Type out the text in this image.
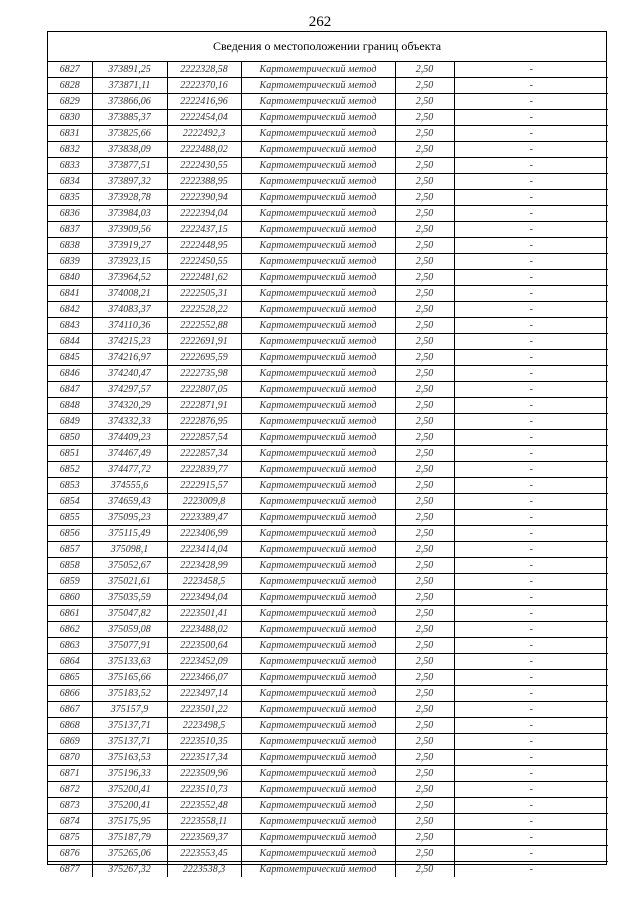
262
Сведения о местоположении границ объекта
6827	373891,25	2222328,58	Картометрический метод	2,50	-
6828	373871,11	2222370,16	Картометрический метод	2,50	-
6829	373866,06	2222416,96	Картометрический метод	2,50	-
6830	373885,37	2222454,04	Картометрический метод	2,50	-
6831	373825,66	2222492,3	Картометрический метод	2,50	-
6832	373838,09	2222488,02	Картометрический метод	2,50	-
6833	373877,51	2222430,55	Картометрический метод	2,50	-
6834	373897,32	2222388,95	Картометрический метод	2,50	-
6835	373928,78	2222390,94	Картометрический метод	2,50	-
6836	373984,03	2222394,04	Картометрический метод	2,50	-
6837	373909,56	2222437,15	Картометрический метод	2,50	-
6838	373919,27	2222448,95	Картометрический метод	2,50	-
6839	373923,15	2222450,55	Картометрический метод	2,50	-
6840	373964,52	2222481,62	Картометрический метод	2,50	-
6841	374008,21	2222505,31	Картометрический метод	2,50	-
6842	374083,37	2222528,22	Картометрический метод	2,50	-
6843	374110,36	2222552,88	Картометрический метод	2,50	-
6844	374215,23	2222691,91	Картометрический метод	2,50	-
6845	374216,97	2222695,59	Картометрический метод	2,50	-
6846	374240,47	2222735,98	Картометрический метод	2,50	-
6847	374297,57	2222807,05	Картометрический метод	2,50	-
6848	374320,29	2222871,91	Картометрический метод	2,50	-
6849	374332,33	2222876,95	Картометрический метод	2,50	-
6850	374409,23	2222857,54	Картометрический метод	2,50	-
6851	374467,49	2222857,34	Картометрический метод	2,50	-
6852	374477,72	2222839,77	Картометрический метод	2,50	-
6853	374555,6	2222915,57	Картометрический метод	2,50	-
6854	374659,43	2223009,8	Картометрический метод	2,50	-
6855	375095,23	2223389,47	Картометрический метод	2,50	-
6856	375115,49	2223406,99	Картометрический метод	2,50	-
6857	375098,1	2223414,04	Картометрический метод	2,50	-
6858	375052,67	2223428,99	Картометрический метод	2,50	-
6859	375021,61	2223458,5	Картометрический метод	2,50	-
6860	375035,59	2223494,04	Картометрический метод	2,50	-
6861	375047,82	2223501,41	Картометрический метод	2,50	-
6862	375059,08	2223488,02	Картометрический метод	2,50	-
6863	375077,91	2223500,64	Картометрический метод	2,50	-
6864	375133,63	2223452,09	Картометрический метод	2,50	-
6865	375165,66	2223466,07	Картометрический метод	2,50	-
6866	375183,52	2223497,14	Картометрический метод	2,50	-
6867	375157,9	2223501,22	Картометрический метод	2,50	-
6868	375137,71	2223498,5	Картометрический метод	2,50	-
6869	375137,71	2223510,35	Картометрический метод	2,50	-
6870	375163,53	2223517,34	Картометрический метод	2,50	-
6871	375196,33	2223509,96	Картометрический метод	2,50	-
6872	375200,41	2223510,73	Картометрический метод	2,50	-
6873	375200,41	2223552,48	Картометрический метод	2,50	-
6874	375175,95	2223558,11	Картометрический метод	2,50	-
6875	375187,79	2223569,37	Картометрический метод	2,50	-
6876	375265,06	2223553,45	Картометрический метод	2,50	-
6877	375267,32	2223538,3	Картометрический метод	2,50	-
